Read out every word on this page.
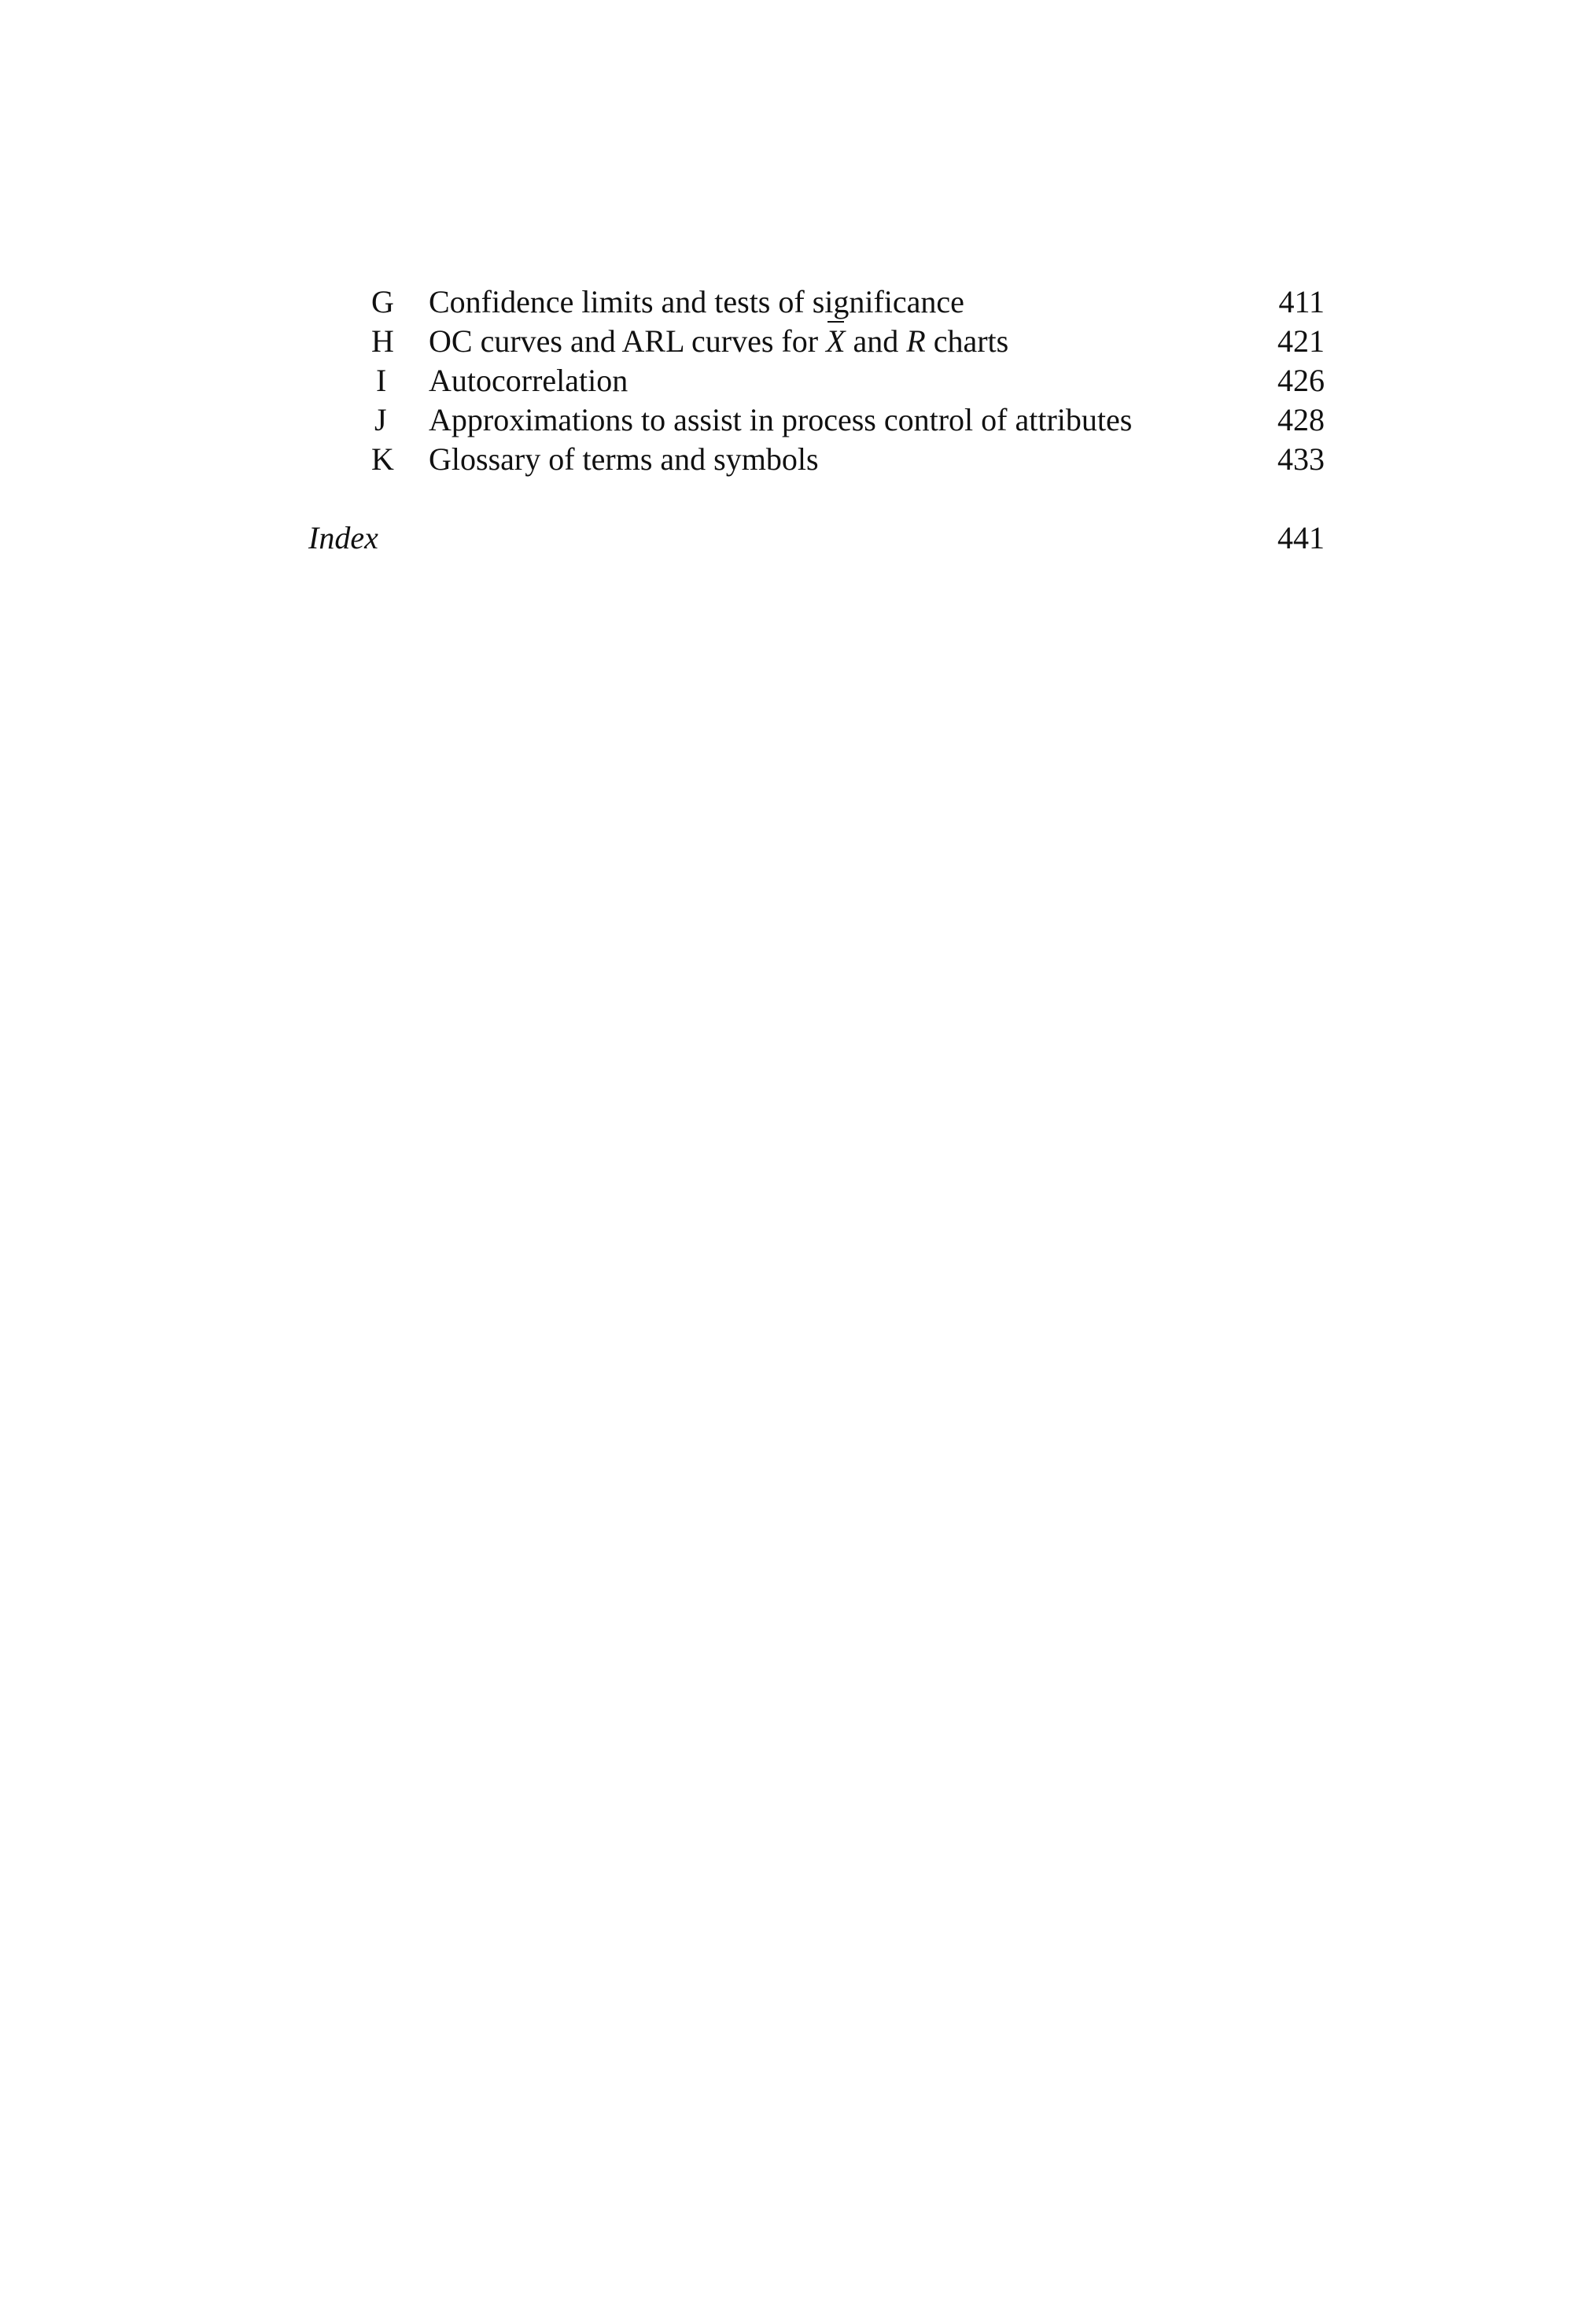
G	Confidence limits and tests of significance	411
H	OC curves and ARL curves for X and R charts	421
I	Autocorrelation	426
J	Approximations to assist in process control of attributes	428
K	Glossary of terms and symbols	433
Index	441
